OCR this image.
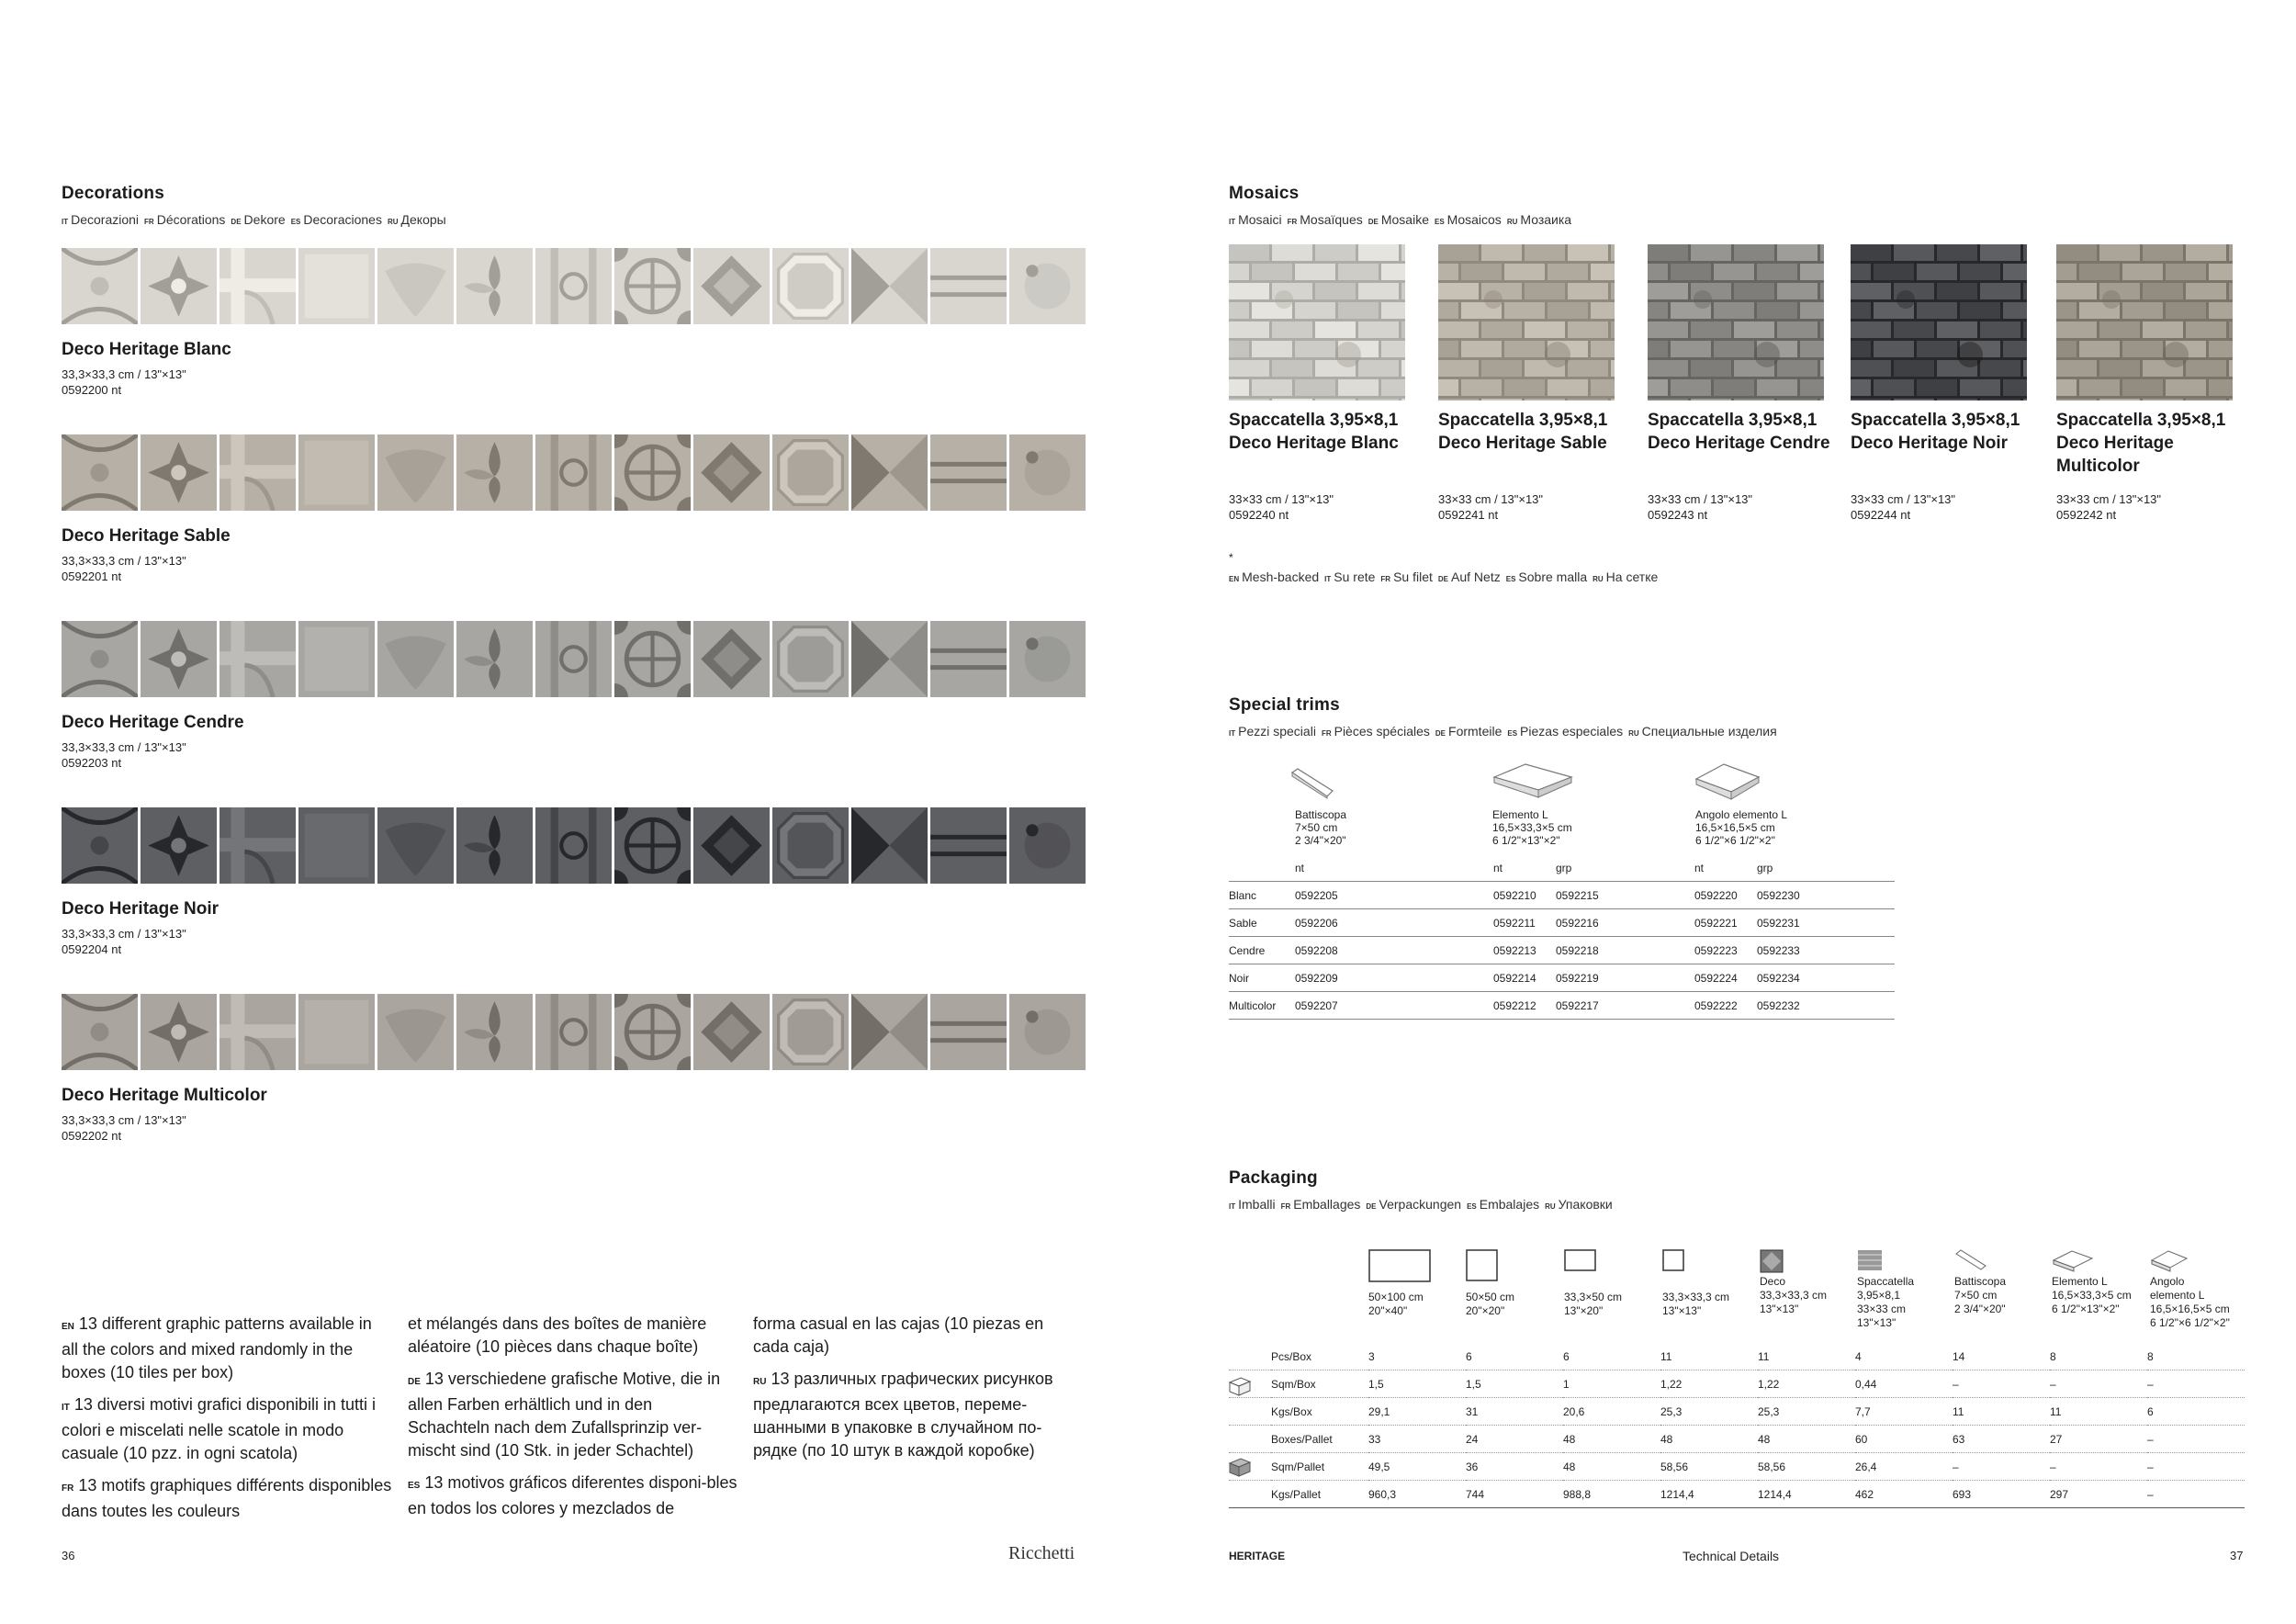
Decorations
IT Decorazioni FR Décorations DE Dekore ES Decoraciones RU Декоры
Deco Heritage Blanc
33,3×33,3 cm / 13"×13"
0592200 nt
Deco Heritage Sable
33,3×33,3 cm / 13"×13"
0592201 nt
Deco Heritage Cendre
33,3×33,3 cm / 13"×13"
0592203 nt
Deco Heritage Noir
33,3×33,3 cm / 13"×13"
0592204 nt
Deco Heritage Multicolor
33,3×33,3 cm / 13"×13"
0592202 nt

EN 13 different graphic patterns available in all the colors and mixed randomly in the boxes (10 tiles per box)

IT 13 diversi motivi grafici disponibili in tutti i colori e miscelati nelle scatole in modo casuale (10 pzz. in ogni scatola)

FR 13 motifs graphiques différents disponibles dans toutes les couleurs

et mélangés dans des boîtes de manière aléatoire (10 pièces dans chaque boîte)

DE 13 verschiedene grafische Motive, die in allen Farben erhältlich und in den Schachteln nach dem Zufallsprinzip ver-mischt sind (10 Stk. in jeder Schachtel)

ES 13 motivos gráficos diferentes disponi-bles en todos los colores y mezclados de

forma casual en las cajas (10 piezas en cada caja)

RU 13 различных графических рисунков предлагаются всех цветов, переме-шанными в упаковке в случайном по-рядке (по 10 штук в каждой коробке)

36	Ricchetti
Mosaics
IT Mosaici FR Mosaïques DE Mosaike ES Mosaicos RU Мозаика
Spaccatella 3,95×8,1
Deco Heritage Blanc
33×33 cm / 13"×13"
0592240 nt
Spaccatella 3,95×8,1
Deco Heritage Sable
33×33 cm / 13"×13"
0592241 nt
Spaccatella 3,95×8,1
Deco Heritage Cendre
33×33 cm / 13"×13"
0592243 nt
Spaccatella 3,95×8,1
Deco Heritage Noir
33×33 cm / 13"×13"
0592244 nt
Spaccatella 3,95×8,1
Deco Heritage Multicolor
33×33 cm / 13"×13"
0592242 nt
*
EN Mesh-backed IT Su rete FR Su filet DE Auf Netz ES Sobre malla RU На сетке
Special trims
IT Pezzi speciali FR Pièces spéciales DE Formteile ES Piezas especiales RU Специальные изделия
Battiscopa
7×50 cm
2 3/4"×20"
Elemento L
16,5×33,3×5 cm
6 1/2"×13"×2"
Angolo elemento L
16,5×16,5×5 cm
6 1/2"×6 1/2"×2"
	nt	nt	grp	nt	grp
Blanc	0592205	0592210	0592215	0592220	0592230
Sable	0592206	0592211	0592216	0592221	0592231
Cendre	0592208	0592213	0592218	0592223	0592233
Noir	0592209	0592214	0592219	0592224	0592234
Multicolor	0592207	0592212	0592217	0592222	0592232
Packaging
IT Imballi FR Emballages DE Verpackungen ES Embalajes RU Упаковки
50×100 cm
20"×40"
50×50 cm
20"×20"
33,3×50 cm
13"×20"
33,3×33,3 cm
13"×13"
Deco
33,3×33,3 cm
13"×13"
Spaccatella
3,95×8,1
33×33 cm
13"×13"
Battiscopa
7×50 cm
2 3/4"×20"
Elemento L
16,5×33,3×5 cm
6 1/2"×13"×2"
Angolo
elemento L
16,5×16,5×5 cm
6 1/2"×6 1/2"×2"
	Pcs/Box	3	6	6	11	11	4	14	8	8
	Sqm/Box	1,5	1,5	1	1,22	1,22	0,44	–	–	–
	Kgs/Box	29,1	31	20,6	25,3	25,3	7,7	11	11	6
	Boxes/Pallet	33	24	48	48	48	60	63	27	–
	Sqm/Pallet	49,5	36	48	58,56	58,56	26,4	–	–	–
	Kgs/Pallet	960,3	744	988,8	1214,4	1214,4	462	693	297	–
HERITAGE	Technical Details	37
